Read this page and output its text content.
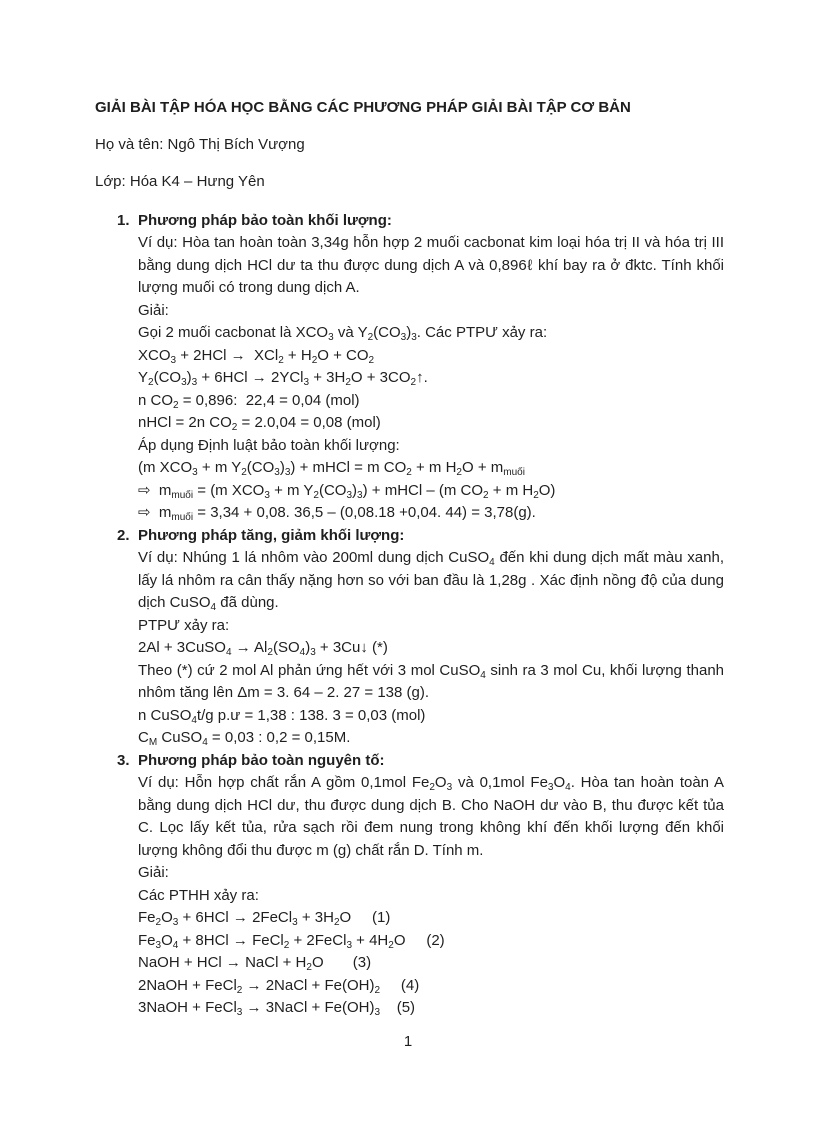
GIẢI BÀI TẬP HÓA HỌC BẰNG CÁC PHƯƠNG PHÁP GIẢI BÀI TẬP CƠ BẢN
Họ và tên: Ngô Thị Bích Vượng
Lớp: Hóa K4 – Hưng Yên
1. Phương pháp bảo toàn khối lượng:
Ví dụ: Hòa tan hoàn toàn 3,34g hỗn hợp 2 muối cacbonat kim loại hóa trị II và hóa trị III bằng dung dịch HCl dư ta thu được dung dịch A và 0,896ℓ khí bay ra ở đktc. Tính khối lượng muối có trong dung dịch A.
Giải:
Gọi 2 muối cacbonat là $XCO_3$ và $Y_2(CO_3)_3$. Các PTPƯ xảy ra:
$XCO_3 + 2HCl \to XCl_2 + H_2O + CO_2$
$Y_2(CO_3)_3 + 6HCl \to 2YCl_3 + 3H_2O$ + $3CO_2↑$.
n $CO_2 = 0,896$:  22,4 = 0,04 (mol)
nHCl = 2n $CO_2 = 2.0,04 = 0,08$ (mol)
Áp dụng Định luật bảo toàn khối lượng:
(m $XCO_3 + m$ $Y_2(CO_3)_3$) + mHCl = m $CO_2 + m$ $H_2O + m_{muối}$
⇨  $m_{muối} = (m$ $XCO_3 + m$ $Y_2(CO_3)_3$) + mHCl – (m $CO_2 + m$ $H_2O$)
⇨  $m_{muối} = 3,34 + 0,08$. 36,5 – (0,08.18 +0,04. 44) = 3,78(g).
2. Phương pháp tăng, giảm khối lượng:
Ví dụ: Nhúng 1 lá nhôm vào 200ml dung dịch CuSO$_4$ đến khi dung dịch mất màu xanh, lấy lá nhôm ra cân thấy nặng hơn so với ban đầu là 1,28g . Xác định nồng độ của dung dịch CuSO$_4$ đã dùng.
PTPƯ xảy ra:
2Al + 3CuSO$_4$ → $Al_2(SO_4)_3$ + 3Cu↓ (*)
Theo (*) cứ 2 mol Al phản ứng hết với 3 mol CuSO$_4$ sinh ra 3 mol Cu, khối lượng thanh nhôm tăng lên Δm = 3. 64 – 2. 27 = 138 (g).
n CuSO$_4$t/g p.ư = 1,38 : 138. 3 = 0,03 (mol)
$C_M$ CuSO$_4$ = 0,03 : 0,2 = 0,15M.
3. Phương pháp bảo toàn nguyên tố:
Ví dụ: Hỗn hợp chất rắn A gồm 0,1mol $Fe_2O_3$ và 0,1mol $Fe_3O_4$. Hòa tan hoàn toàn A bằng dung dịch HCl dư, thu được dung dịch B. Cho NaOH dư vào B, thu được kết tủa C. Lọc lấy kết tủa, rửa sạch rồi đem nung trong không khí đến khối lượng đến khối lượng không đổi thu được m (g) chất rắn D. Tính m.
Giải:
Các PTHH xảy ra:
$Fe_2O_3 + 6HCl$ → 2FeCl$_3$ + $3H_2O$     (1)
$Fe_3O_4 + 8HCl$ → FeCl$_2$ + 2FeCl$_3$ + $4H_2O$     (2)
NaOH + HCl → NaCl + $H_2O$       (3)
2NaOH + FeCl$_2$ → 2NaCl + $Fe(OH)_2$     (4)
3NaOH + FeCl$_3$ → 3NaCl + $Fe(OH)_3$    (5)
1
